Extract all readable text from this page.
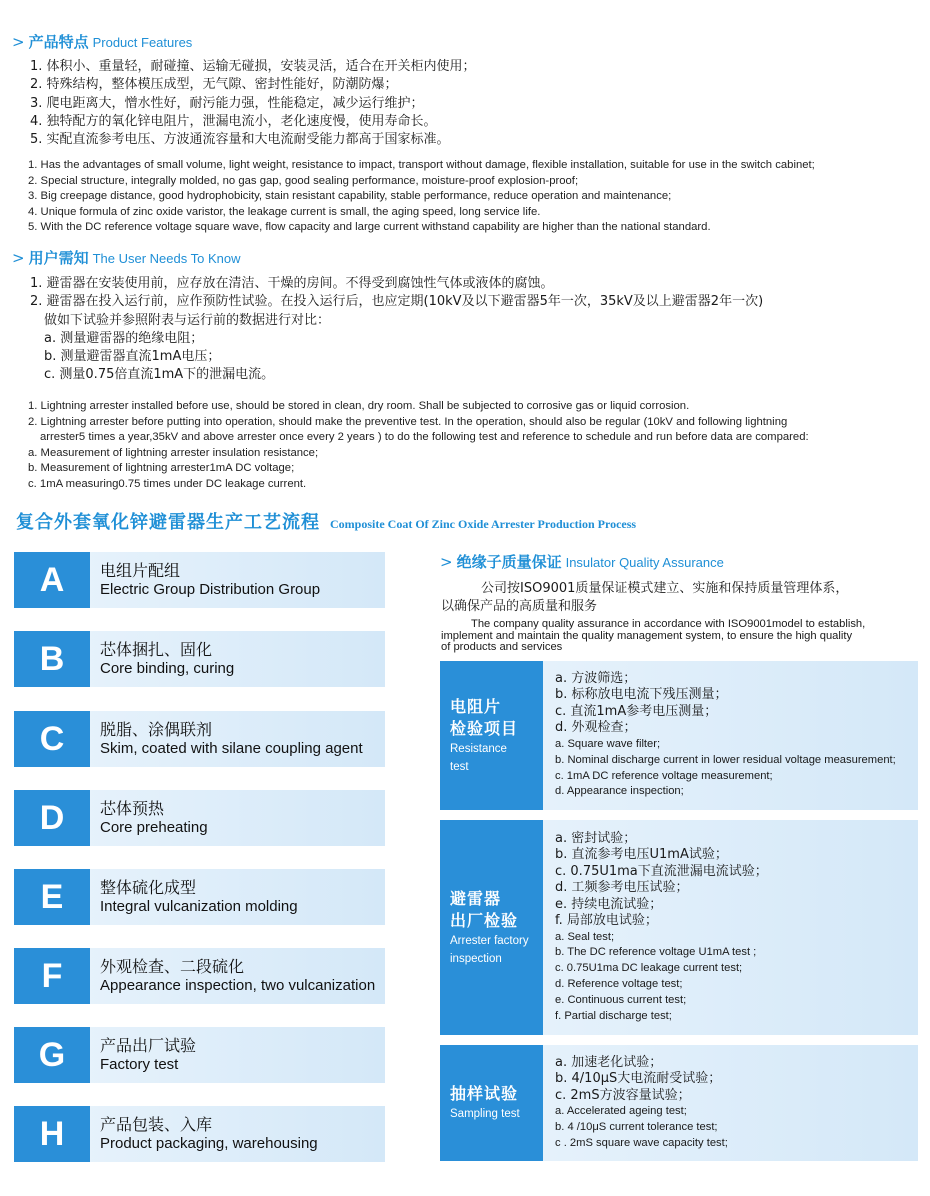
> 产品特点 Product Features
1. 体积小、重量轻，耐碰撞、运输无碰损，安装灵活，适合在开关柜内使用；
2. 特殊结构，整体模压成型，无气隙、密封性能好，防潮防爆；
3. 爬电距离大，憎水性好，耐污能力强，性能稳定，减少运行维护；
4. 独特配方的氧化锌电阻片，泄漏电流小，老化速度慢，使用寿命长。
5. 实配直流参考电压、方波通流容量和大电流耐受能力都高于国家标准。
1. Has the advantages of small volume, light weight, resistance to impact, transport without damage, flexible installation, suitable for use in the switch cabinet;
2. Special structure, integrally molded, no gas gap, good sealing performance, moisture-proof explosion-proof;
3. Big creepage distance, good hydrophobicity, stain resistant capability, stable performance, reduce operation and maintenance;
4. Unique formula of zinc oxide varistor, the leakage current is small, the aging speed, long service life.
5. With the DC reference voltage square wave, flow capacity and large current withstand capability are higher than the national standard.
> 用户需知 The User Needs To Know
1. 避雷器在安装使用前，应存放在清洁、干燥的房间。不得受到腐蚀性气体或液体的腐蚀。
2. 避雷器在投入运行前，应作预防性试验。在投入运行后，也应定期(10kV及以下避雷器5年一次，35kV及以上避雷器2年一次)
做如下试验并参照附表与运行前的数据进行对比：
a. 测量避雷器的绝缘电阻；
b. 测量避雷器直流1mA电压；
c. 测量0.75倍直流1mA下的泄漏电流。
1. Lightning arrester installed before use, should be stored in clean, dry room. Shall be subjected to corrosive gas or liquid corrosion.
2. Lightning arrester before putting into operation, should make the preventive test. In the operation, should also be regular (10kV and following lightning
arrester5 times a year,35kV and above arrester once every 2 years ) to do the following test and reference to schedule and run before data are compared:
a. Measurement of lightning arrester insulation resistance;
b. Measurement of lightning arrester1mA DC voltage;
c. 1mA measuring0.75 times under DC leakage current.
复合外套氧化锌避雷器生产工艺流程 Composite Coat Of Zinc Oxide Arrester Production Process
A	电组片配组
Electric Group Distribution Group
B	芯体捆扎、固化
Core binding, curing
C	脱脂、涂偶联剂
Skim, coated with silane coupling agent
D	芯体预热
Core preheating
E	整体硫化成型
Integral vulcanization molding
F	外观检查、二段硫化
Appearance inspection, two vulcanization
G	产品出厂试验
Factory test
H	产品包装、入库
Product packaging, warehousing
> 绝缘子质量保证 Insulator Quality Assurance
公司按ISO9001质量保证模式建立、实施和保持质量管理体系，
以确保产品的高质量和服务
The company quality assurance in accordance with ISO9001model to establish,
implement and maintain the quality management system, to ensure the high quality
of products and services
电阻片
检验项目
Resistance
test
a. 方波筛选；
b. 标称放电电流下残压测量；
c. 直流1mA参考电压测量；
d. 外观检查；
a. Square wave filter;
b. Nominal discharge current in lower residual voltage measurement;
c. 1mA DC reference voltage measurement;
d. Appearance inspection;
避雷器
出厂检验
Arrester factory
inspection
a. 密封试验；
b. 直流参考电压U1mA试验；
c. 0.75U1ma下直流泄漏电流试验；
d. 工频参考电压试验；
e. 持续电流试验；
f. 局部放电试验；
a. Seal test;
b. The DC reference voltage U1mA test ;
c. 0.75U1ma DC leakage current test;
d. Reference voltage test;
e. Continuous current test;
f. Partial discharge test;
抽样试验
Sampling test
a. 加速老化试验；
b. 4/10μS大电流耐受试验；
c. 2mS方波容量试验；
a. Accelerated ageing test;
b. 4 /10μS current tolerance test;
c . 2mS square wave capacity test;
